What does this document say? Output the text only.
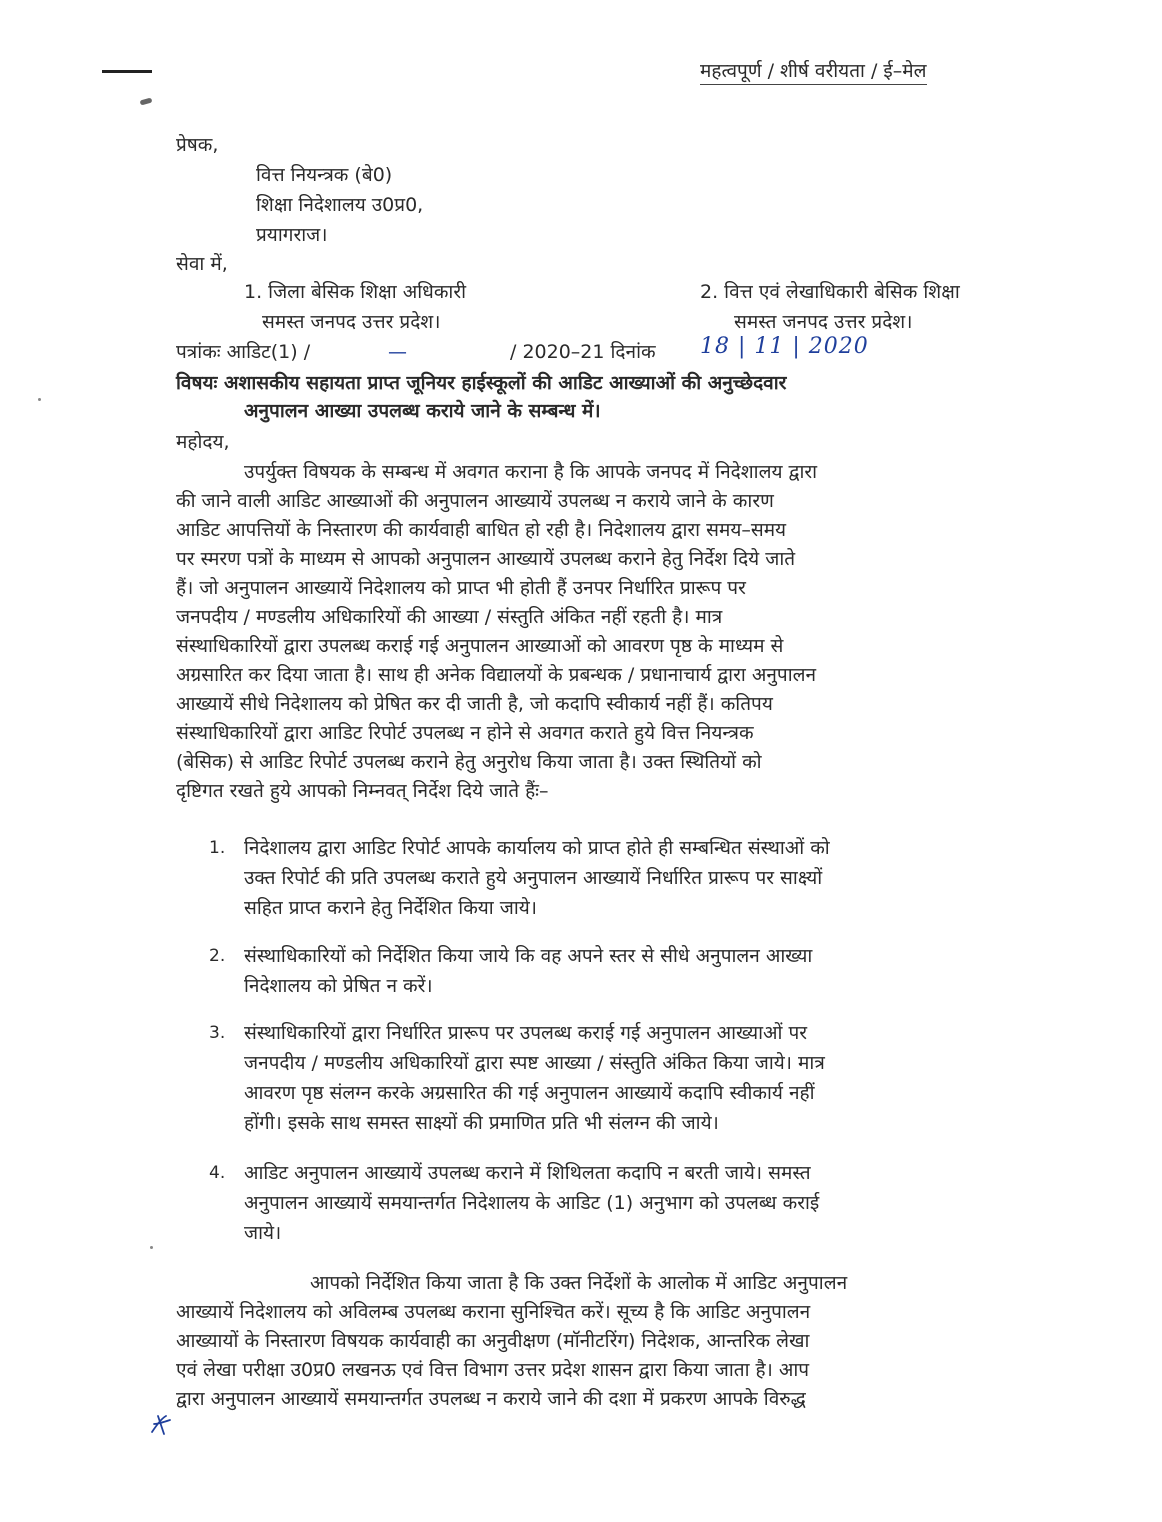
महत्वपूर्ण / शीर्ष वरीयता / ई–मेल
प्रेषक,
वित्त नियन्त्रक (बे0)
शिक्षा निदेशालय उ0प्र0,
प्रयागराज।
सेवा में,
1. जिला बेसिक शिक्षा अधिकारी
समस्त जनपद उत्तर प्रदेश।
2. वित्त एवं लेखाधिकारी बेसिक शिक्षा
समस्त जनपद उत्तर प्रदेश।
पत्रांकः आडिट(1) /	—	/ 2020–21 दिनांक 18 | 11 | 2020
विषयः अशासकीय सहायता प्राप्त जूनियर हाईस्कूलों की आडिट आख्याओं की अनुच्छेदवार
अनुपालन आख्या उपलब्ध कराये जाने के सम्बन्ध में।
महोदय,
उपर्युक्त विषयक के सम्बन्ध में अवगत कराना है कि आपके जनपद में निदेशालय द्वारा
की जाने वाली आडिट आख्याओं की अनुपालन आख्यायें उपलब्ध न कराये जाने के कारण
आडिट आपत्तियों के निस्तारण की कार्यवाही बाधित हो रही है। निदेशालय द्वारा समय–समय
पर स्मरण पत्रों के माध्यम से आपको अनुपालन आख्यायें उपलब्ध कराने हेतु निर्देश दिये जाते
हैं। जो अनुपालन आख्यायें निदेशालय को प्राप्त भी होती हैं उनपर निर्धारित प्रारूप पर
जनपदीय / मण्डलीय अधिकारियों की आख्या / संस्तुति अंकित नहीं रहती है। मात्र
संस्थाधिकारियों द्वारा उपलब्ध कराई गई अनुपालन आख्याओं को आवरण पृष्ठ के माध्यम से
अग्रसारित कर दिया जाता है। साथ ही अनेक विद्यालयों के प्रबन्धक / प्रधानाचार्य द्वारा अनुपालन
आख्यायें सीधे निदेशालय को प्रेषित कर दी जाती है, जो कदापि स्वीकार्य नहीं हैं। कतिपय
संस्थाधिकारियों द्वारा आडिट रिपोर्ट उपलब्ध न होने से अवगत कराते हुये वित्त नियन्त्रक
(बेसिक) से आडिट रिपोर्ट उपलब्ध कराने हेतु अनुरोध किया जाता है। उक्त स्थितियों को
दृष्टिगत रखते हुये आपको निम्नवत् निर्देश दिये जाते हैंः–
1. निदेशालय द्वारा आडिट रिपोर्ट आपके कार्यालय को प्राप्त होते ही सम्बन्धित संस्थाओं को
उक्त रिपोर्ट की प्रति उपलब्ध कराते हुये अनुपालन आख्यायें निर्धारित प्रारूप पर साक्ष्यों
सहित प्राप्त कराने हेतु निर्देशित किया जाये।
2. संस्थाधिकारियों को निर्देशित किया जाये कि वह अपने स्तर से सीधे अनुपालन आख्या
निदेशालय को प्रेषित न करें।
3. संस्थाधिकारियों द्वारा निर्धारित प्रारूप पर उपलब्ध कराई गई अनुपालन आख्याओं पर
जनपदीय / मण्डलीय अधिकारियों द्वारा स्पष्ट आख्या / संस्तुति अंकित किया जाये। मात्र
आवरण पृष्ठ संलग्न करके अग्रसारित की गई अनुपालन आख्यायें कदापि स्वीकार्य नहीं
होंगी। इसके साथ समस्त साक्ष्यों की प्रमाणित प्रति भी संलग्न की जाये।
4. आडिट अनुपालन आख्यायें उपलब्ध कराने में शिथिलता कदापि न बरती जाये। समस्त
अनुपालन आख्यायें समयान्तर्गत निदेशालय के आडिट (1) अनुभाग को उपलब्ध कराई
जाये।
आपको निर्देशित किया जाता है कि उक्त निर्देशों के आलोक में आडिट अनुपालन
आख्यायें निदेशालय को अविलम्ब उपलब्ध कराना सुनिश्चित करें। सूच्य है कि आडिट अनुपालन
आख्यायों के निस्तारण विषयक कार्यवाही का अनुवीक्षण (मॉनीटरिंग) निदेशक, आन्तरिक लेखा
एवं लेखा परीक्षा उ0प्र0 लखनऊ एवं वित्त विभाग उत्तर प्रदेश शासन द्वारा किया जाता है। आप
द्वारा अनुपालन आख्यायें समयान्तर्गत उपलब्ध न कराये जाने की दशा में प्रकरण आपके विरुद्ध
